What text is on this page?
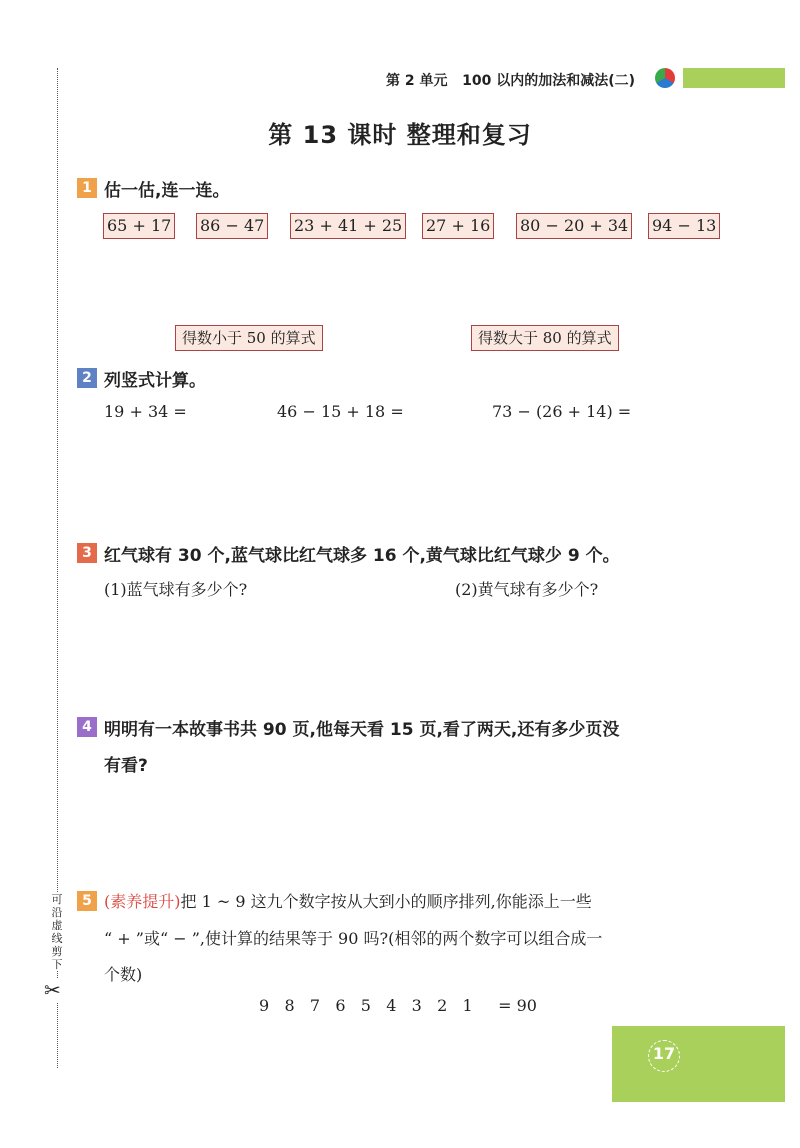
可沿虚线剪下
✂
第 2 单元 100 以内的加法和减法(二)
第 13 课时 整理和复习
1 估一估,连一连。
65 + 17 86 − 47 23 + 41 + 25 27 + 16 80 − 20 + 34 94 − 13
得数小于 50 的算式	得数大于 80 的算式
2 列竖式计算。
19 + 34 =	46 − 15 + 18 =	73 − (26 + 14) =
3 红气球有 30 个,蓝气球比红气球多 16 个,黄气球比红气球少 9 个。
(1)蓝气球有多少个?	(2)黄气球有多少个?
4 明明有一本故事书共 90 页,他每天看 15 页,看了两天,还有多少页没
有看?
5 (素养提升)把 1 ~ 9 这九个数字按从大到小的顺序排列,你能添上一些
“ + ”或“ − ”,使计算的结果等于 90 吗?(相邻的两个数字可以组合成一
个数)
9   8   7   6   5   4   3   2   1     = 90
17
